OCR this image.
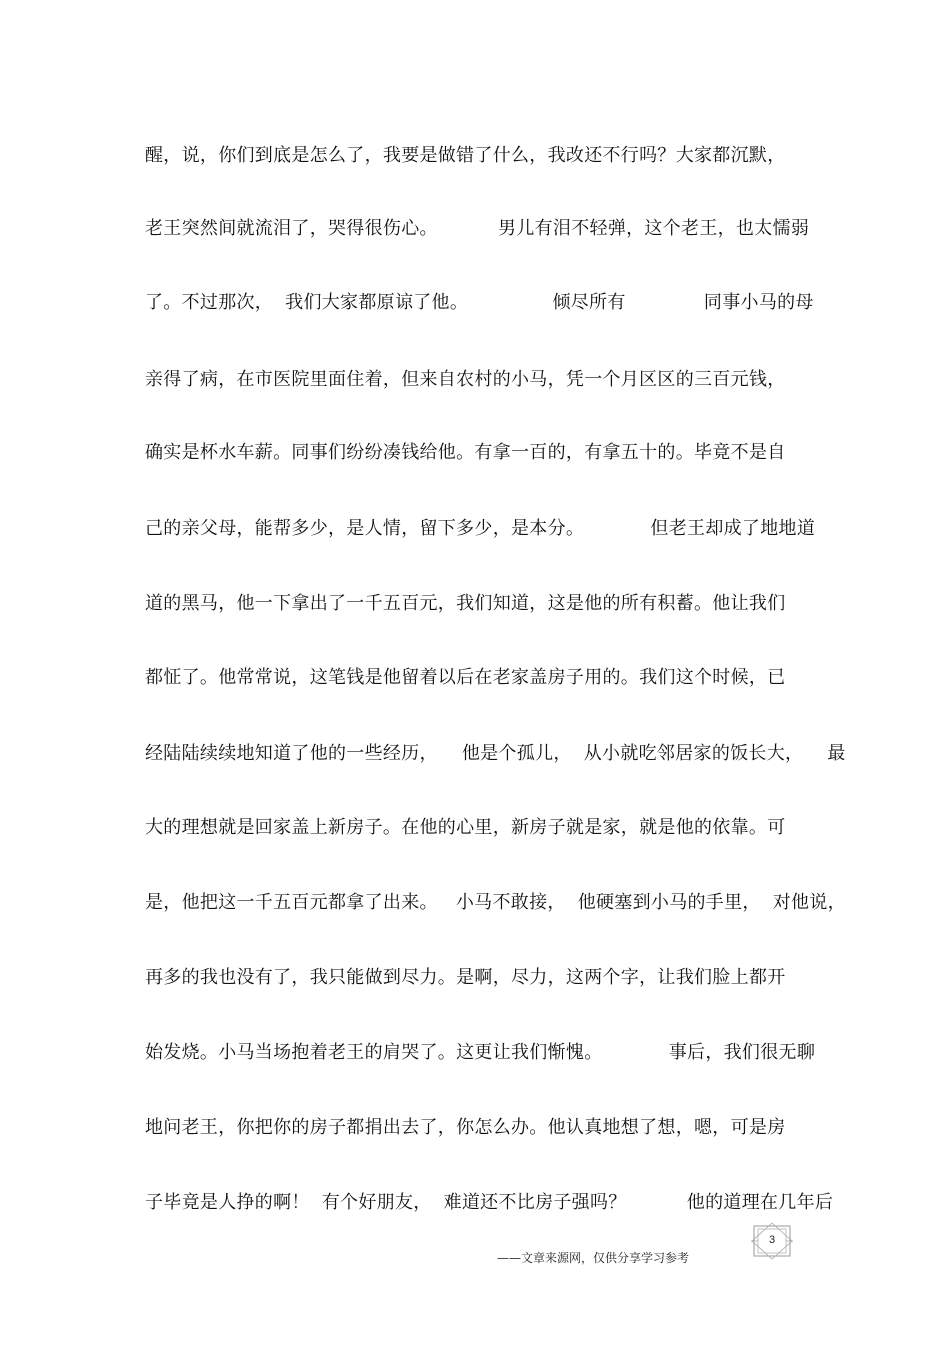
醒，说，你们到底是怎么了，我要是做错了什么，我改还不行吗？大家都沉默，
老王突然间就流泪了，哭得很伤心。          男儿有泪不轻弹，这个老王，也太懦弱
了。不过那次，  我们大家都原谅了他。              倾尽所有             同事小马的母
亲得了病，在市医院里面住着，但来自农村的小马，凭一个月区区的三百元钱，
确实是杯水车薪。同事们纷纷凑钱给他。有拿一百的，有拿五十的。毕竟不是自
己的亲父母，能帮多少，是人情，留下多少，是本分。           但老王却成了地地道
道的黑马，他一下拿出了一千五百元，我们知道，这是他的所有积蓄。他让我们
都怔了。他常常说，这笔钱是他留着以后在老家盖房子用的。我们这个时候，已
经陆陆续续地知道了他的一些经历，    他是个孤儿，  从小就吃邻居家的饭长大，    最
大的理想就是回家盖上新房子。在他的心里，新房子就是家，就是他的依靠。可
是，他把这一千五百元都拿了出来。   小马不敢接，  他硬塞到小马的手里，  对他说，
再多的我也没有了，我只能做到尽力。是啊，尽力，这两个字，让我们脸上都开
始发烧。小马当场抱着老王的肩哭了。这更让我们惭愧。           事后，我们很无聊
地问老王，你把你的房子都捐出去了，你怎么办。他认真地想了想，嗯，可是房
子毕竟是人挣的啊！  有个好朋友，  难道还不比房子强吗？          他的道理在几年后
3
——文章来源网，仅供分享学习参考
